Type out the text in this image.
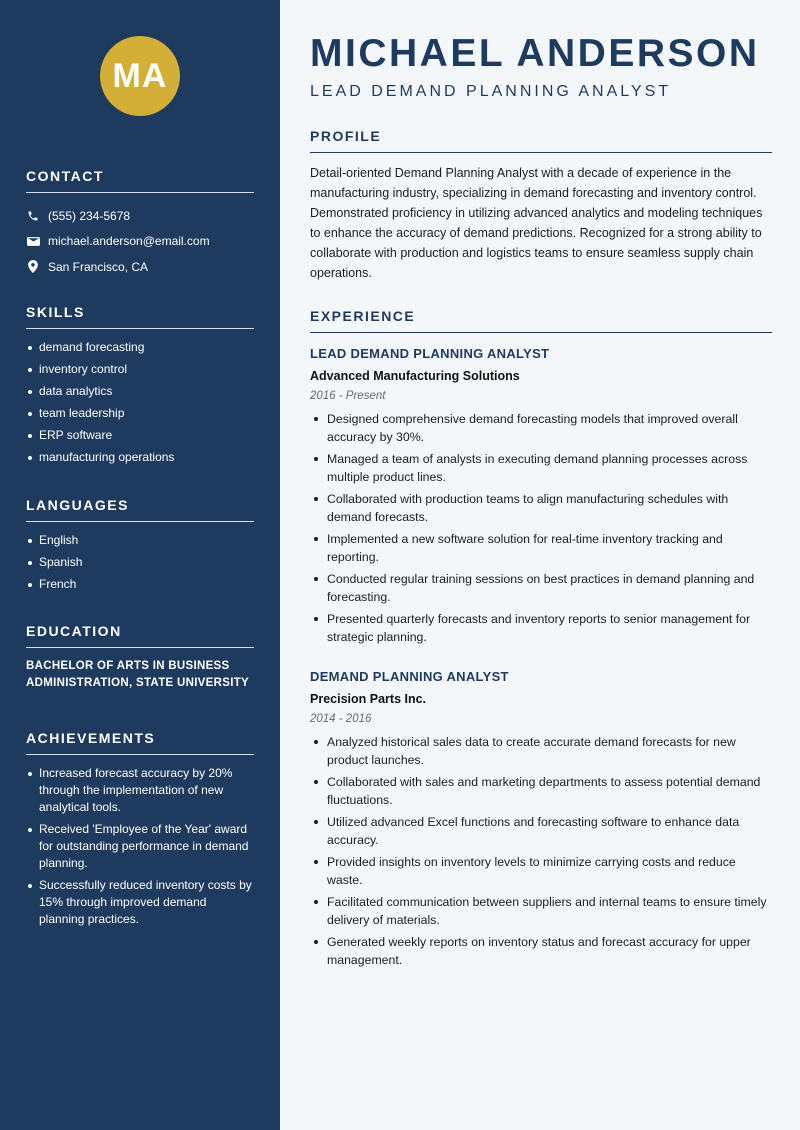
MA
CONTACT
(555) 234-5678
michael.anderson@email.com
San Francisco, CA
SKILLS
demand forecasting
inventory control
data analytics
team leadership
ERP software
manufacturing operations
LANGUAGES
English
Spanish
French
EDUCATION
BACHELOR OF ARTS IN BUSINESS ADMINISTRATION, STATE UNIVERSITY
ACHIEVEMENTS
Increased forecast accuracy by 20% through the implementation of new analytical tools.
Received 'Employee of the Year' award for outstanding performance in demand planning.
Successfully reduced inventory costs by 15% through improved demand planning practices.
MICHAEL ANDERSON
LEAD DEMAND PLANNING ANALYST
PROFILE
Detail-oriented Demand Planning Analyst with a decade of experience in the manufacturing industry, specializing in demand forecasting and inventory control. Demonstrated proficiency in utilizing advanced analytics and modeling techniques to enhance the accuracy of demand predictions. Recognized for a strong ability to collaborate with production and logistics teams to ensure seamless supply chain operations.
EXPERIENCE
LEAD DEMAND PLANNING ANALYST
Advanced Manufacturing Solutions
2016 - Present
Designed comprehensive demand forecasting models that improved overall accuracy by 30%.
Managed a team of analysts in executing demand planning processes across multiple product lines.
Collaborated with production teams to align manufacturing schedules with demand forecasts.
Implemented a new software solution for real-time inventory tracking and reporting.
Conducted regular training sessions on best practices in demand planning and forecasting.
Presented quarterly forecasts and inventory reports to senior management for strategic planning.
DEMAND PLANNING ANALYST
Precision Parts Inc.
2014 - 2016
Analyzed historical sales data to create accurate demand forecasts for new product launches.
Collaborated with sales and marketing departments to assess potential demand fluctuations.
Utilized advanced Excel functions and forecasting software to enhance data accuracy.
Provided insights on inventory levels to minimize carrying costs and reduce waste.
Facilitated communication between suppliers and internal teams to ensure timely delivery of materials.
Generated weekly reports on inventory status and forecast accuracy for upper management.
